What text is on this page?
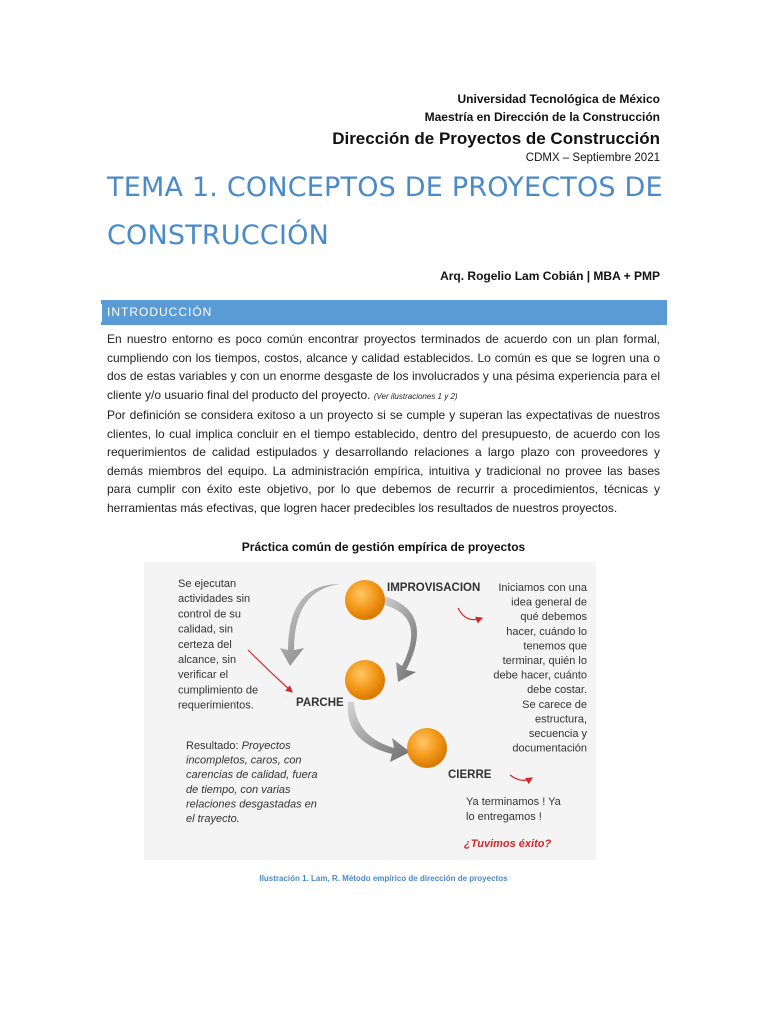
Universidad Tecnológica de México
Maestría en Dirección de la Construcción
Dirección de Proyectos de Construcción
CDMX – Septiembre 2021
TEMA 1. CONCEPTOS DE PROYECTOS DE
CONSTRUCCIÓN
Arq. Rogelio Lam Cobián | MBA + PMP
INTRODUCCIÓN
En nuestro entorno es poco común encontrar proyectos terminados de acuerdo con un plan formal, cumpliendo con los tiempos, costos, alcance y calidad establecidos. Lo común es que se logren una o dos de estas variables y con un enorme desgaste de los involucrados y una pésima experiencia para el cliente y/o usuario final del producto del proyecto. (Ver ilustraciones 1 y 2)
Por definición se considera exitoso a un proyecto si se cumple y superan las expectativas de nuestros clientes, lo cual implica concluir en el tiempo establecido, dentro del presupuesto, de acuerdo con los requerimientos de calidad estipulados y desarrollando relaciones a largo plazo con proveedores y demás miembros del equipo. La administración empírica, intuitiva y tradicional no provee las bases para cumplir con éxito este objetivo, por lo que debemos de recurrir a procedimientos, técnicas y herramientas más efectivas, que logren hacer predecibles los resultados de nuestros proyectos.
Práctica común de gestión empírica de proyectos
IMPROVISACION
PARCHE
CIERRE
Se ejecutan actividades sin control de su calidad, sin certeza del alcance, sin verificar el cumplimiento de requerimientos.
Iniciamos con una idea general de qué debemos hacer, cuándo lo tenemos que terminar, quién lo debe hacer, cuánto debe costar. Se carece de estructura, secuencia y documentación
Resultado: Proyectos incompletos, caros, con carencias de calidad, fuera de tiempo, con varias relaciones desgastadas en el trayecto.
Ya terminamos ! Ya lo entregamos !
¿Tuvimos éxito?
Ilustración 1. Lam, R. Método empírico de dirección de proyectos
